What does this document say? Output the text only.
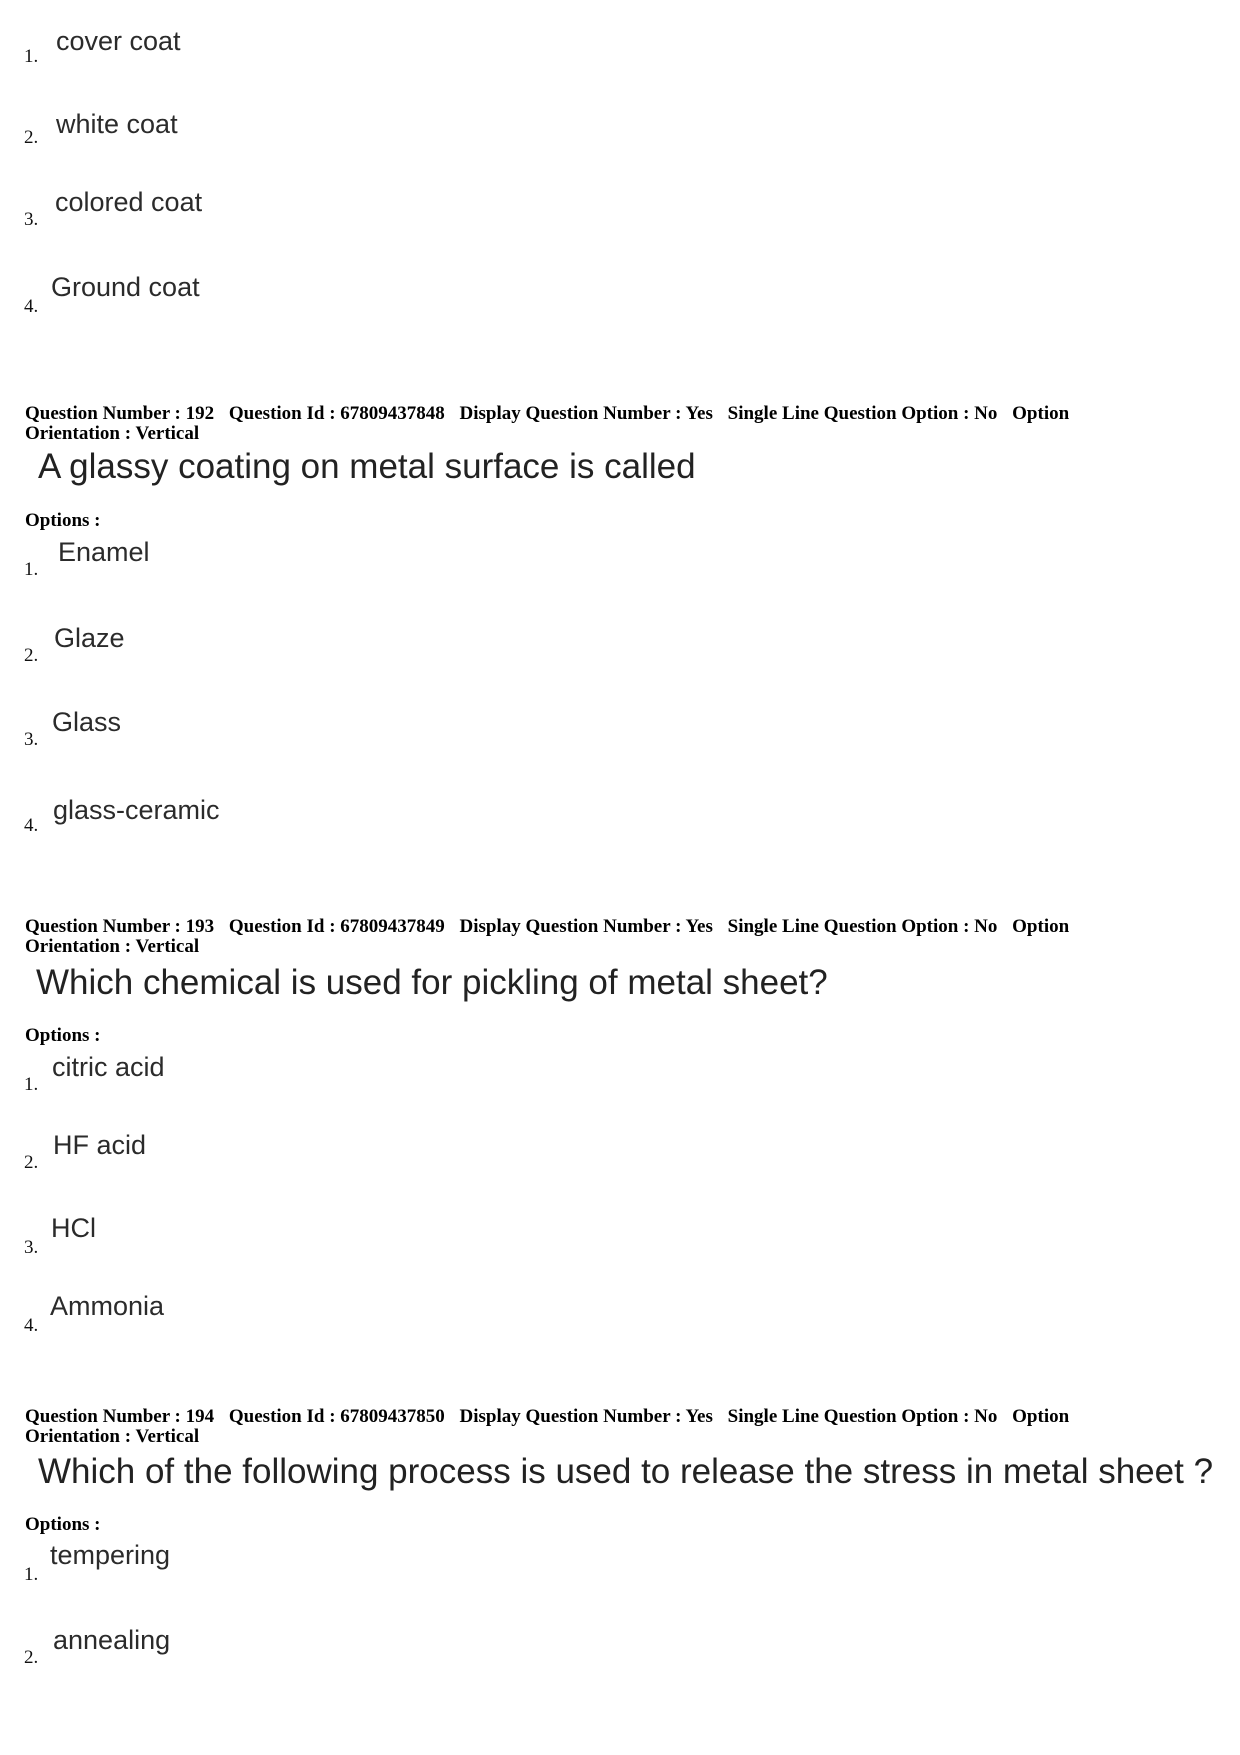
1.
cover coat
2. white coat
3.
colored coat
4.
Ground coat
Question Number : 192 Question Id : 67809437848 Display Question Number : Yes Single Line Question Option : No Option
Orientation : Vertical
A glassy coating on metal surface is called
Options :
1.
Enamel
2.
Glaze
3.
Glass
4.
glass-ceramic
Question Number : 193 Question Id : 67809437849 Display Question Number : Yes Single Line Question Option : No Option
Orientation : Vertical
Which chemical is used for pickling of metal sheet?
Options :
1.
citric acid
2.
HF acid
3.
HCl
4.
Ammonia
Question Number : 194 Question Id : 67809437850 Display Question Number : Yes Single Line Question Option : No Option
Orientation : Vertical
Which of the following process is used to release the stress in metal sheet ?
Options :
1.
tempering
2.
annealing
